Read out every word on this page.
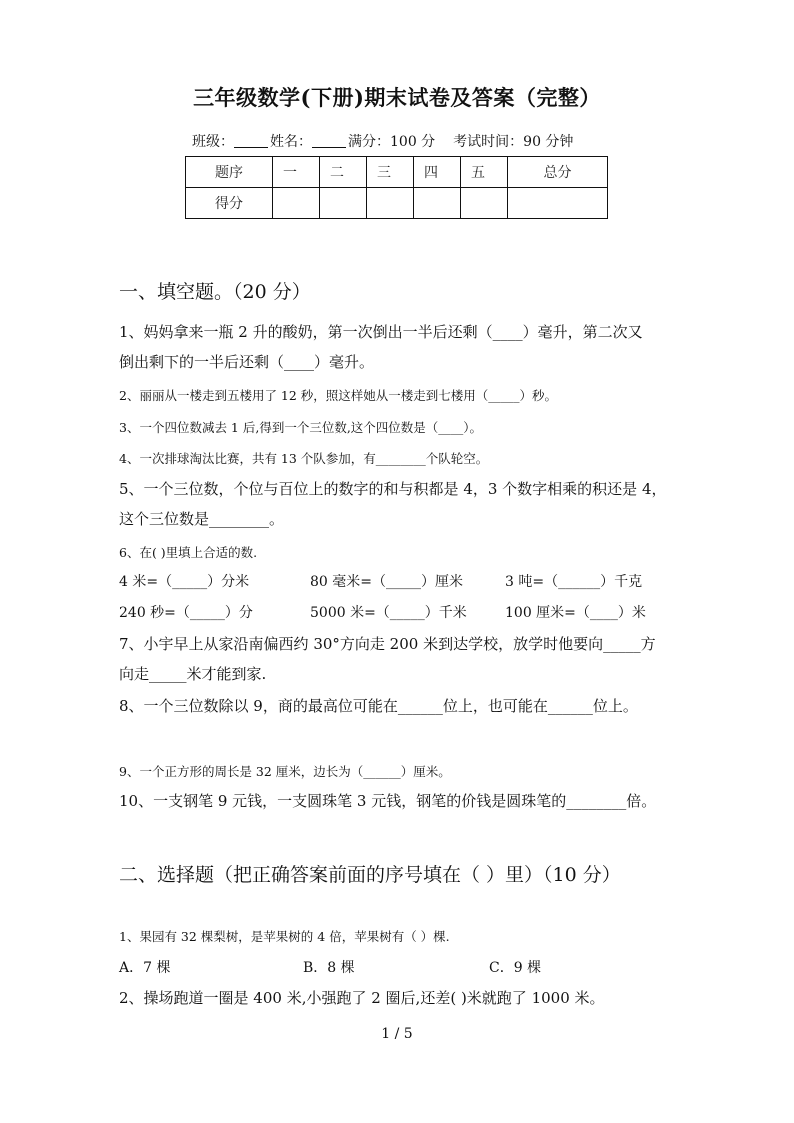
三年级数学(下册)期末试卷及答案（完整）
班级：	姓名：	满分：100 分 考试时间：90 分钟
题序	一	二	三	四	五	总分
得分						
一、填空题。（20 分）
1、妈妈拿来一瓶 2 升的酸奶，第一次倒出一半后还剩（____）毫升，第二次又
倒出剩下的一半后还剩（____）毫升。
2、丽丽从一楼走到五楼用了 12 秒，照这样她从一楼走到七楼用（_____）秒。
3、一个四位数减去 1 后,得到一个三位数,这个四位数是（____）。
4、一次排球淘汰比赛，共有 13 个队参加，有________个队轮空。
5、一个三位数，个位与百位上的数字的和与积都是 4，3 个数字相乘的积还是 4，
这个三位数是________。
6、在( )里填上合适的数.
4 米=（_____）分米	80 毫米=（_____）厘米	3 吨=（______）千克
240 秒=（_____）分	5000 米=（_____）千米	100 厘米=（____）米
7、小宇早上从家沿南偏西约 30°方向走 200 米到达学校，放学时他要向_____方
向走_____米才能到家.
8、一个三位数除以 9，商的最高位可能在______位上，也可能在______位上。
9、一个正方形的周长是 32 厘米，边长为（______）厘米。
10、一支钢笔 9 元钱，一支圆珠笔 3 元钱，钢笔的价钱是圆珠笔的________倍。
二、选择题（把正确答案前面的序号填在（ ）里）（10 分）
1、果园有 32 棵梨树，是苹果树的 4 倍，苹果树有（ ）棵.
A．7 棵	B．8 棵	C．9 棵
2、操场跑道一圈是 400 米,小强跑了 2 圈后,还差( )米就跑了 1000 米。
1 / 5
